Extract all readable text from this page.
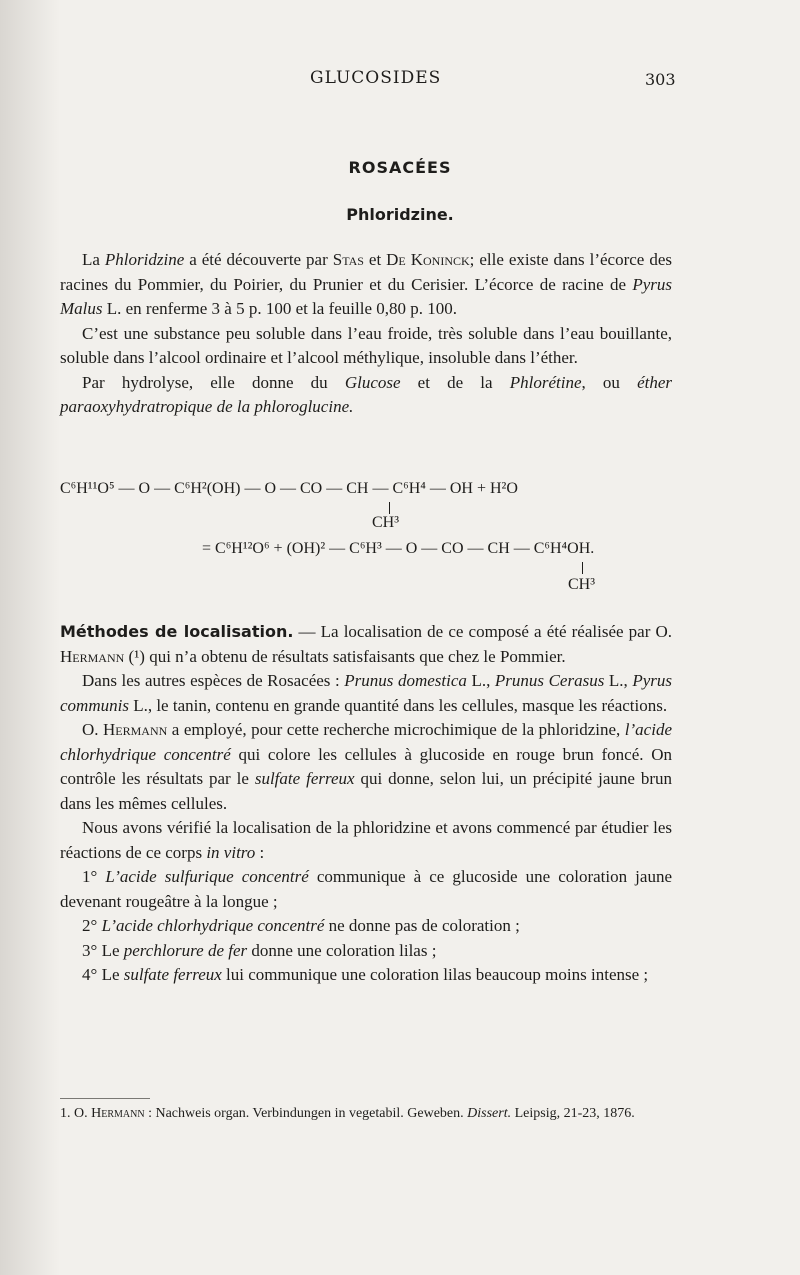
GLUCOSIDES	303
ROSACÉES
Phloridzine.

La Phloridzine a été découverte par Stas et De Koninck; elle existe dans l’écorce des racines du Pommier, du Poirier, du Prunier et du Cerisier. L’écorce de racine de Pyrus Malus L. en renferme 3 à 5 p. 100 et la feuille 0,80 p. 100.

C’est une substance peu soluble dans l’eau froide, très soluble dans l’eau bouillante, soluble dans l’alcool ordinaire et l’alcool méthylique, insoluble dans l’éther.

Par hydrolyse, elle donne du Glucose et de la Phlorétine, ou éther paraoxyhydratropique de la phloroglucine.

C⁶H¹¹O⁵ — O — C⁶H²(OH) — O — CO — CH — C⁶H⁴ — OH + H²O
CH³
= C⁶H¹²O⁶ + (OH)² — C⁶H³ — O — CO — CH — C⁶H⁴OH.
CH³

Méthodes de localisation. — La localisation de ce composé a été réalisée par O. Hermann (¹) qui n’a obtenu de résultats satisfaisants que chez le Pommier.

Dans les autres espèces de Rosacées : Prunus domestica L., Prunus Cerasus L., Pyrus communis L., le tanin, contenu en grande quantité dans les cellules, masque les réactions.

O. Hermann a employé, pour cette recherche microchimique de la phloridzine, l’acide chlorhydrique concentré qui colore les cellules à glucoside en rouge brun foncé. On contrôle les résultats par le sulfate ferreux qui donne, selon lui, un précipité jaune brun dans les mêmes cellules.

Nous avons vérifié la localisation de la phloridzine et avons commencé par étudier les réactions de ce corps in vitro :

1° L’acide sulfurique concentré communique à ce glucoside une coloration jaune devenant rougeâtre à la longue ;

2° L’acide chlorhydrique concentré ne donne pas de coloration ;

3° Le perchlorure de fer donne une coloration lilas ;

4° Le sulfate ferreux lui communique une coloration lilas beaucoup moins intense ;

1. O. Hermann : Nachweis organ. Verbindungen in vegetabil. Geweben. Dissert. Leipsig, 21-23, 1876.
